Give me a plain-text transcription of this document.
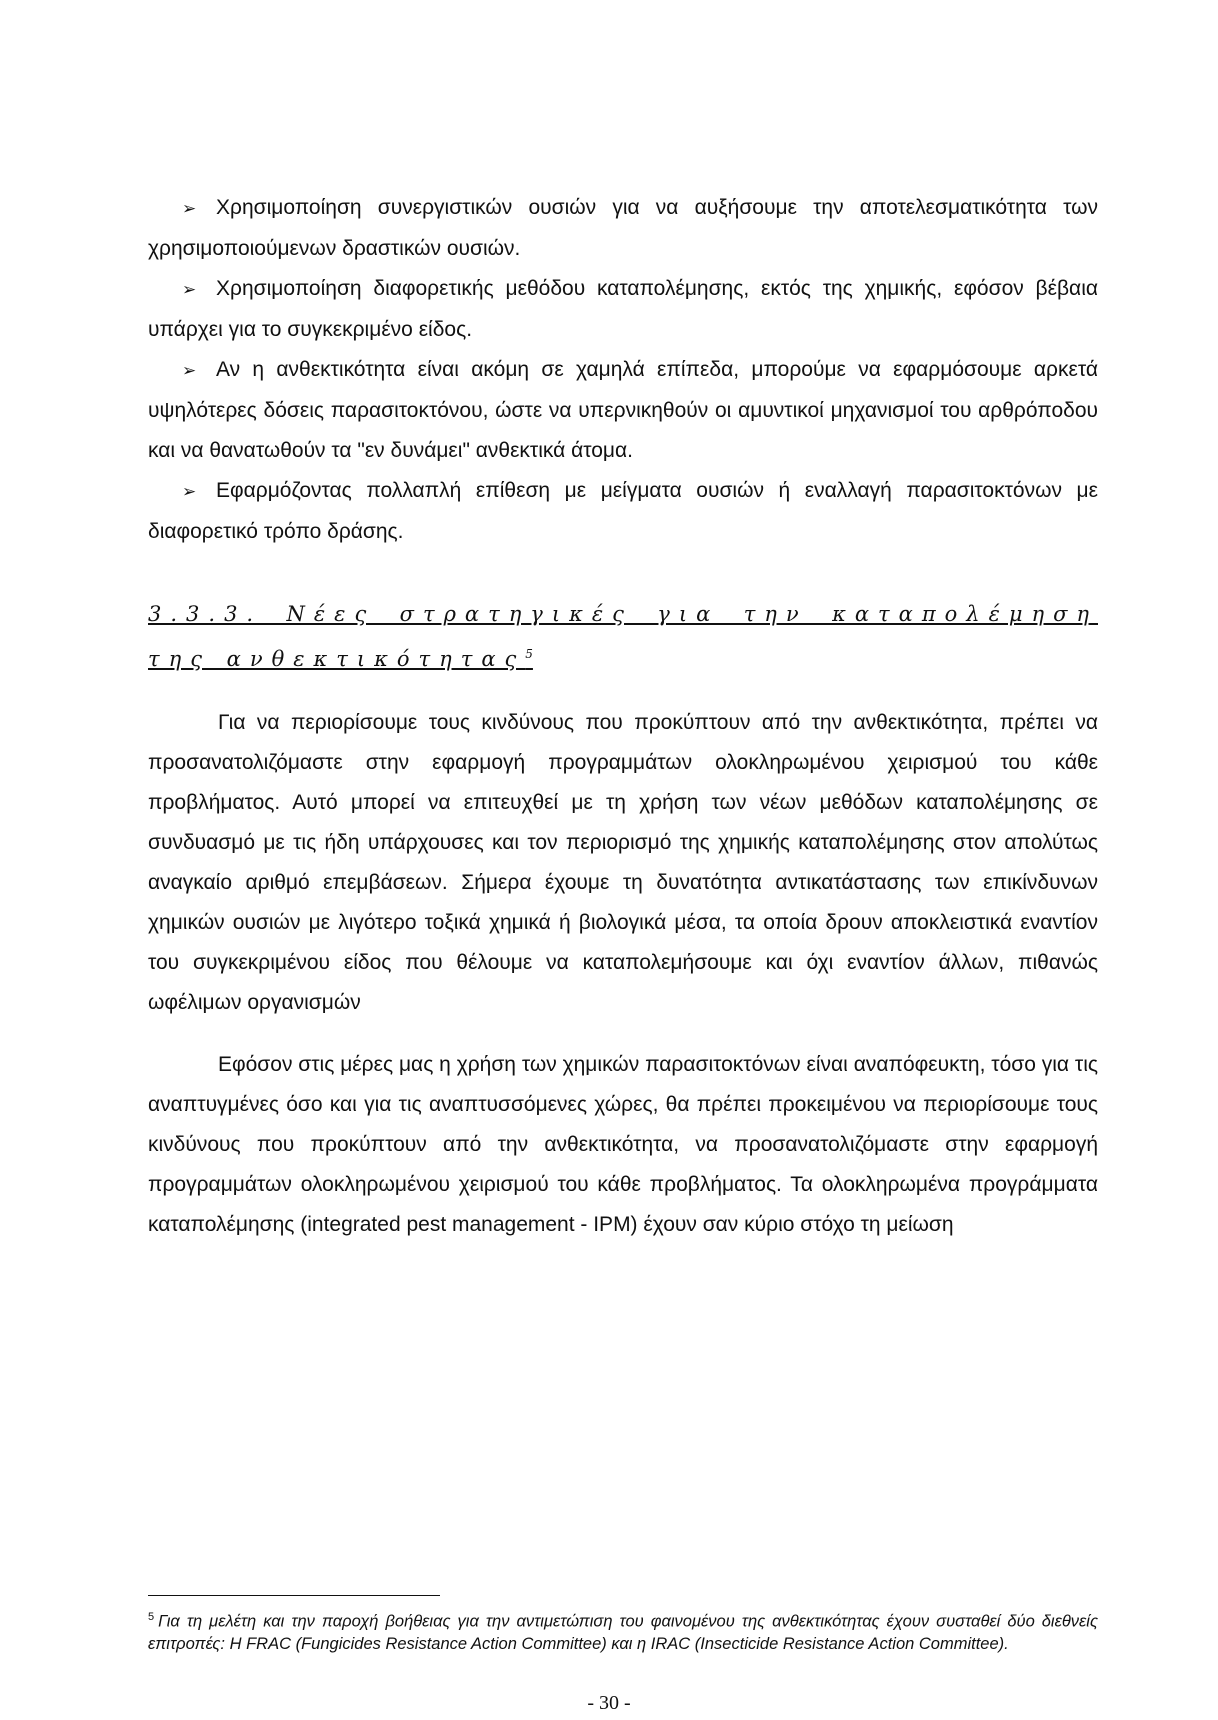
➢ Χρησιμοποίηση συνεργιστικών ουσιών για να αυξήσουμε την αποτελεσματικότητα των χρησιμοποιούμενων δραστικών ουσιών.

➢ Χρησιμοποίηση διαφορετικής μεθόδου καταπολέμησης, εκτός της χημικής, εφόσον βέβαια υπάρχει για το συγκεκριμένο είδος.

➢ Αν η ανθεκτικότητα είναι ακόμη σε χαμηλά επίπεδα, μπορούμε να εφαρμόσουμε αρκετά υψηλότερες δόσεις παρασιτοκτόνου, ώστε να υπερνικηθούν οι αμυντικοί μηχανισμοί του αρθρόποδου και να θανατωθούν τα "εν δυνάμει" ανθεκτικά άτομα.

➢ Εφαρμόζοντας πολλαπλή επίθεση με μείγματα ουσιών ή εναλλαγή παρασιτοκτόνων με διαφορετικό τρόπο δράσης.

3.3.3. Νέες στρατηγικές για την καταπολέμηση της ανθεκτικότητας$^5$

Για να περιορίσουμε τους κινδύνους που προκύπτουν από την ανθεκτικότητα, πρέπει να προσανατολιζόμαστε στην εφαρμογή προγραμμάτων ολοκληρωμένου χειρισμού του κάθε προβλήματος. Αυτό μπορεί να επιτευχθεί με τη χρήση των νέων μεθόδων καταπολέμησης σε συνδυασμό με τις ήδη υπάρχουσες και τον περιορισμό της χημικής καταπολέμησης στον απολύτως αναγκαίο αριθμό επεμβάσεων. Σήμερα έχουμε τη δυνατότητα αντικατάστασης των επικίνδυνων χημικών ουσιών με λιγότερο τοξικά χημικά ή βιολογικά μέσα, τα οποία δρουν αποκλειστικά εναντίον του συγκεκριμένου είδος που θέλουμε να καταπολεμήσουμε και όχι εναντίον άλλων, πιθανώς ωφέλιμων οργανισμών

Εφόσον στις μέρες μας η χρήση των χημικών παρασιτοκτόνων είναι αναπόφευκτη, τόσο για τις αναπτυγμένες όσο και για τις αναπτυσσόμενες χώρες, θα πρέπει προκειμένου να περιορίσουμε τους κινδύνους που προκύπτουν από την ανθεκτικότητα, να προσανατολιζόμαστε στην εφαρμογή προγραμμάτων ολοκληρωμένου χειρισμού του κάθε προβλήματος. Τα ολοκληρωμένα προγράμματα καταπολέμησης (integrated pest management - IPM) έχουν σαν κύριο στόχο τη μείωση

$^5$ Για τη μελέτη και την παροχή βοήθειας για την αντιμετώπιση του φαινομένου της ανθεκτικότητας έχουν συσταθεί δύο διεθνείς επιτροπές: Η FRAC (Fungicides Resistance Action Committee) και η IRAC (Insecticide Resistance Action Committee).
- 30 -
